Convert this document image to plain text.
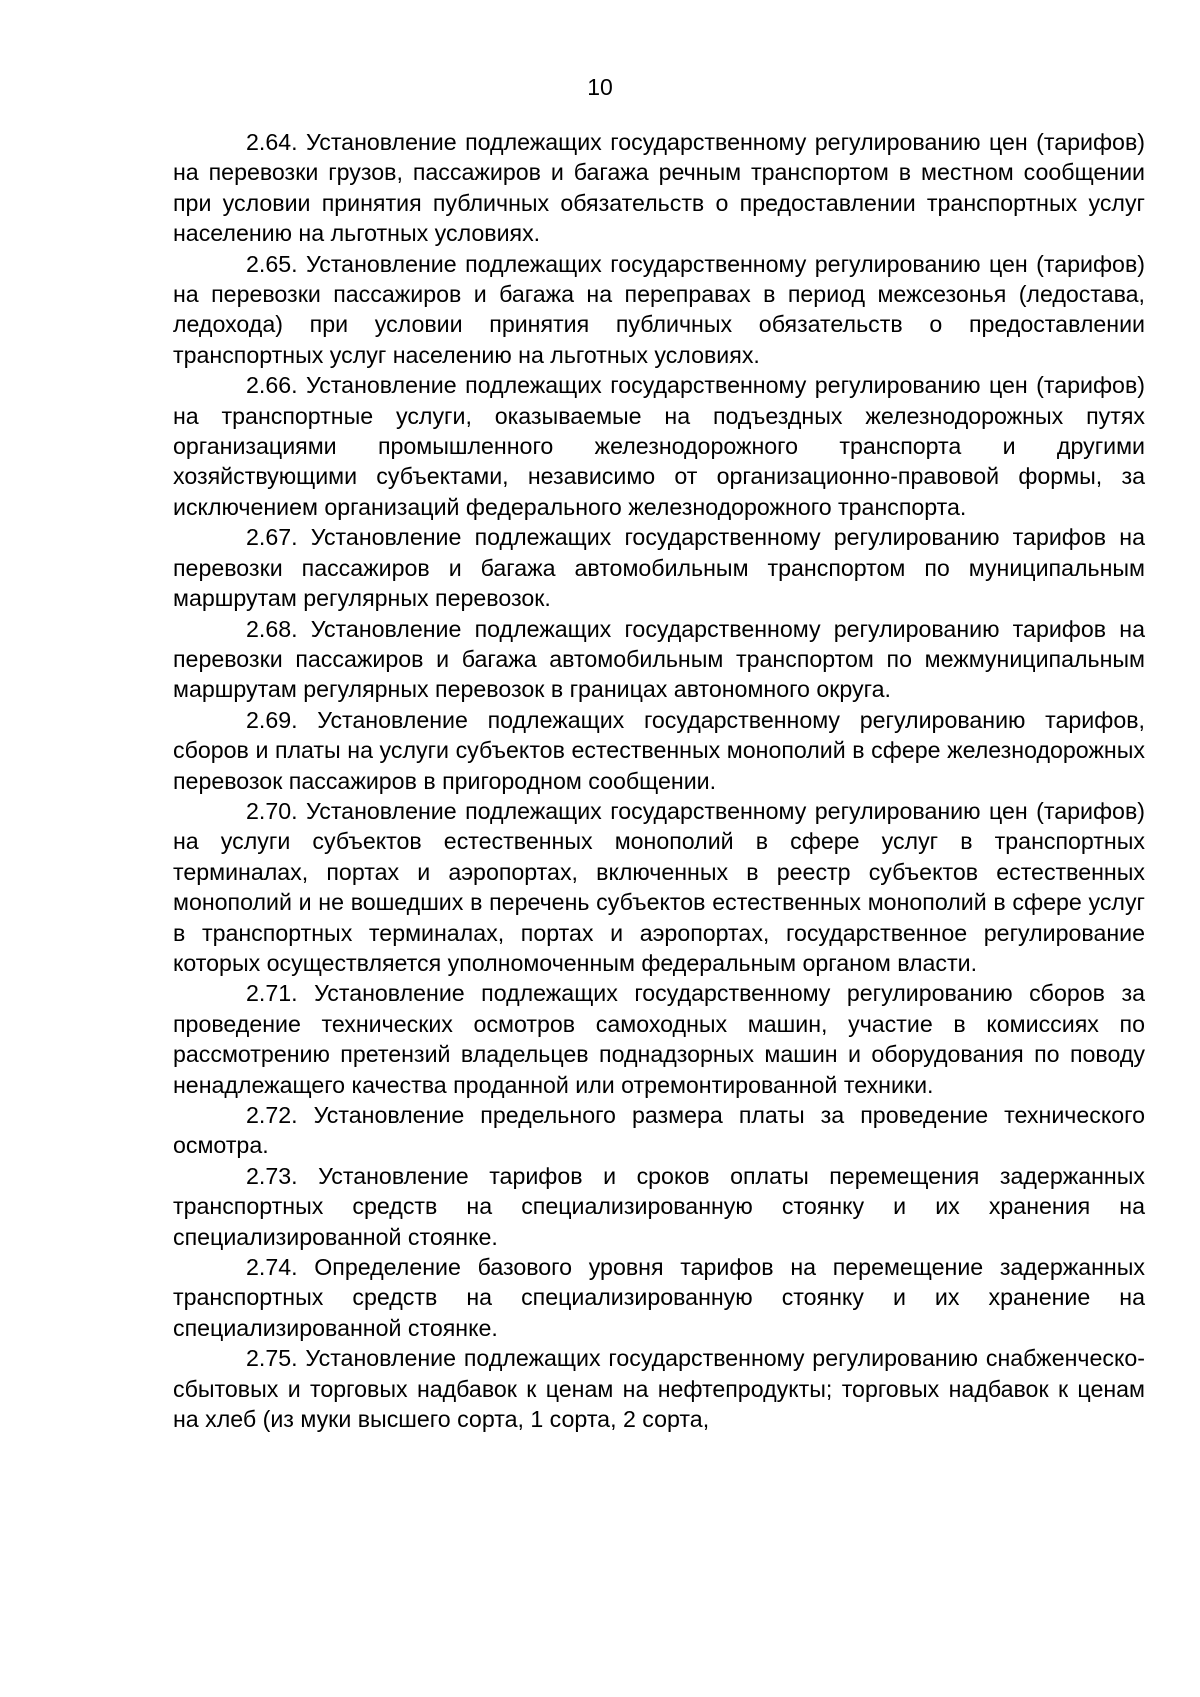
10

2.64. Установление подлежащих государственному регулированию цен (тарифов) на перевозки грузов, пассажиров и багажа речным транспортом в местном сообщении при условии принятия публичных обязательств о предоставлении транспортных услуг населению на льготных условиях.

2.65. Установление подлежащих государственному регулированию цен (тарифов) на перевозки пассажиров и багажа на переправах в период межсезонья (ледостава, ледохода) при условии принятия публичных обязательств о предоставлении транспортных услуг населению на льготных условиях.

2.66. Установление подлежащих государственному регулированию цен (тарифов) на транспортные услуги, оказываемые на подъездных железнодорожных путях организациями промышленного железнодорожного транспорта и другими хозяйствующими субъектами, независимо от организационно-правовой формы, за исключением организаций федерального железнодорожного транспорта.

2.67. Установление подлежащих государственному регулированию тарифов на перевозки пассажиров и багажа автомобильным транспортом по муниципальным маршрутам регулярных перевозок.

2.68. Установление подлежащих государственному регулированию тарифов на перевозки пассажиров и багажа автомобильным транспортом по межмуниципальным маршрутам регулярных перевозок в границах автономного округа.

2.69. Установление подлежащих государственному регулированию тарифов, сборов и платы на услуги субъектов естественных монополий в сфере железнодорожных перевозок пассажиров в пригородном сообщении.

2.70. Установление подлежащих государственному регулированию цен (тарифов) на услуги субъектов естественных монополий в сфере услуг в транспортных терминалах, портах и аэропортах, включенных в реестр субъектов естественных монополий и не вошедших в перечень субъектов естественных монополий в сфере услуг в транспортных терминалах, портах и аэропортах, государственное регулирование которых осуществляется уполномоченным федеральным органом власти.

2.71. Установление подлежащих государственному регулированию сборов за проведение технических осмотров самоходных машин, участие в комиссиях по рассмотрению претензий владельцев поднадзорных машин и оборудования по поводу ненадлежащего качества проданной или отремонтированной техники.

2.72. Установление предельного размера платы за проведение технического осмотра.

2.73. Установление тарифов и сроков оплаты перемещения задержанных транспортных средств на специализированную стоянку и их хранения на специализированной стоянке.

2.74. Определение базового уровня тарифов на перемещение задержанных транспортных средств на специализированную стоянку и их хранение на специализированной стоянке.

2.75. Установление подлежащих государственному регулированию снабженческо-сбытовых и торговых надбавок к ценам на нефтепродукты; торговых надбавок к ценам на хлеб (из муки высшего сорта, 1 сорта, 2 сорта,
